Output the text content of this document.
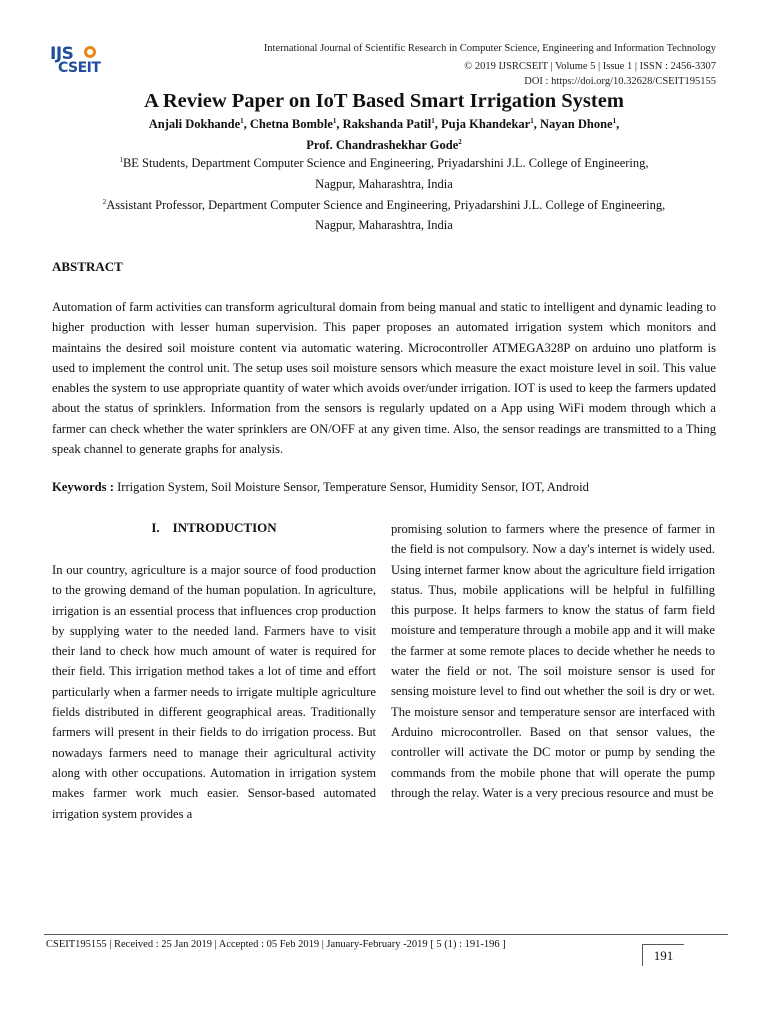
IJS
CSEIT
International Journal of Scientific Research in Computer Science, Engineering and Information Technology
© 2019 IJSRCSEIT | Volume 5 | Issue 1 | ISSN : 2456-3307
DOI : https://doi.org/10.32628/CSEIT195155
A Review Paper on IoT Based Smart Irrigation System
Anjali Dokhande$^1$, Chetna Bomble$^1$, Rakshanda Patil$^1$, Puja Khandekar$^1$, Nayan Dhone$^1$,
Prof. Chandrashekhar Gode$^2$
$^1$BE Students, Department Computer Science and Engineering, Priyadarshini J.L. College of Engineering,
Nagpur, Maharashtra, India
$^2$Assistant Professor, Department Computer Science and Engineering, Priyadarshini J.L. College of Engineering,
Nagpur, Maharashtra, India
ABSTRACT
Automation of farm activities can transform agricultural domain from being manual and static to intelligent and dynamic leading to higher production with lesser human supervision. This paper proposes an automated irrigation system which monitors and maintains the desired soil moisture content via automatic watering. Microcontroller ATMEGA328P on arduino uno platform is used to implement the control unit. The setup uses soil moisture sensors which measure the exact moisture level in soil. This value enables the system to use appropriate quantity of water which avoids over/under irrigation. IOT is used to keep the farmers updated about the status of sprinklers. Information from the sensors is regularly updated on a App using WiFi modem through which a farmer can check whether the water sprinklers are ON/OFF at any given time. Also, the sensor readings are transmitted to a Thing speak channel to generate graphs for analysis.
Keywords : Irrigation System, Soil Moisture Sensor, Temperature Sensor, Humidity Sensor, IOT, Android
I.    INTRODUCTION
In our country, agriculture is a major source of food production to the growing demand of the human population. In agriculture, irrigation is an essential process that influences crop production by supplying water to the needed land. Farmers have to visit their land to check how much amount of water is required for their field. This irrigation method takes a lot of time and effort particularly when a farmer needs to irrigate multiple agriculture fields distributed in different geographical areas. Traditionally farmers will present in their fields to do irrigation process. But nowadays farmers need to manage their agricultural activity along with other occupations. Automation in irrigation system makes farmer work much easier. Sensor-based automated irrigation system provides a
promising solution to farmers where the presence of farmer in the field is not compulsory. Now a day's internet is widely used. Using internet farmer know about the agriculture field irrigation status. Thus, mobile applications will be helpful in fulfilling this purpose. It helps farmers to know the status of farm field moisture and temperature through a mobile app and it will make the farmer at some remote places to decide whether he needs to water the field or not. The soil moisture sensor is used for sensing moisture level to find out whether the soil is dry or wet. The moisture sensor and temperature sensor are interfaced with Arduino microcontroller. Based on that sensor values, the controller will activate the DC motor or pump by sending the commands from the mobile phone that will operate the pump through the relay. Water is a very precious resource and must be
CSEIT195155 | Received : 25 Jan 2019 | Accepted : 05 Feb 2019 | January-February -2019 [ 5 (1) : 191-196 ]
191
